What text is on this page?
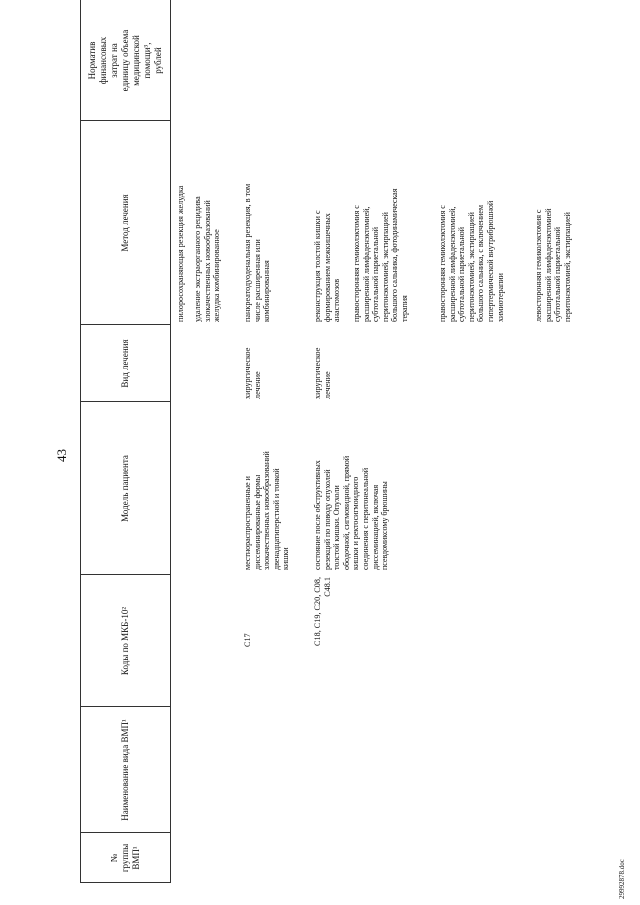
43
№ группы ВМП¹
Наименование вида ВМП¹
Коды по МКБ-10²
Модель пациента
Вид лечения
Метод лечения
Норматив финансовых затрат на единицу объема медицинской помощи³, рублей
пилоросохраняющая резекция желудка удаление экстраорганного рецидива
злокачественных новообразований
желудка комбинированное
C17
местнораспространенные и
диссеминированные формы
злокачественных новообразований
двенадцатиперстной и тонкой
кишки
хирургическое
лечение
панкреатодуоденальная резекция, в том
числе расширенная или
комбинированная
C18, C19, C20, C08,
C48.1
состояние после обструктивных
резекций по поводу опухолей
толстой кишки. Опухоли
ободочной, сигмовидной, прямой
кишки и ректосигмоидного
соединения с перитонеальной
диссеминацией, включая
псевдомиксому брюшины
хирургическое
лечение
реконструкция толстой кишки с
формированием межкишечных
анастомозов правосторонняя гемиколэктомия с
расширенной лимфаденэктомией,
субтотальной париетальной
перитонэктомией, экстирпацией
большого сальника, фотодинамическая
терапия	правосторонняя гемиколэктомия с
расширенной лимфаденэктомией,
субтотальной париетальной
перитонэктомией, экстирпацией
большого сальника, с включением
гипертермической внутрибрюшной
химиотерапии	левосторонняя гемиколэктомия с
расширенной лимфаденэктомией
субтотальной париетальной
перитонэктомией, экстирпацией
29992878.doc
